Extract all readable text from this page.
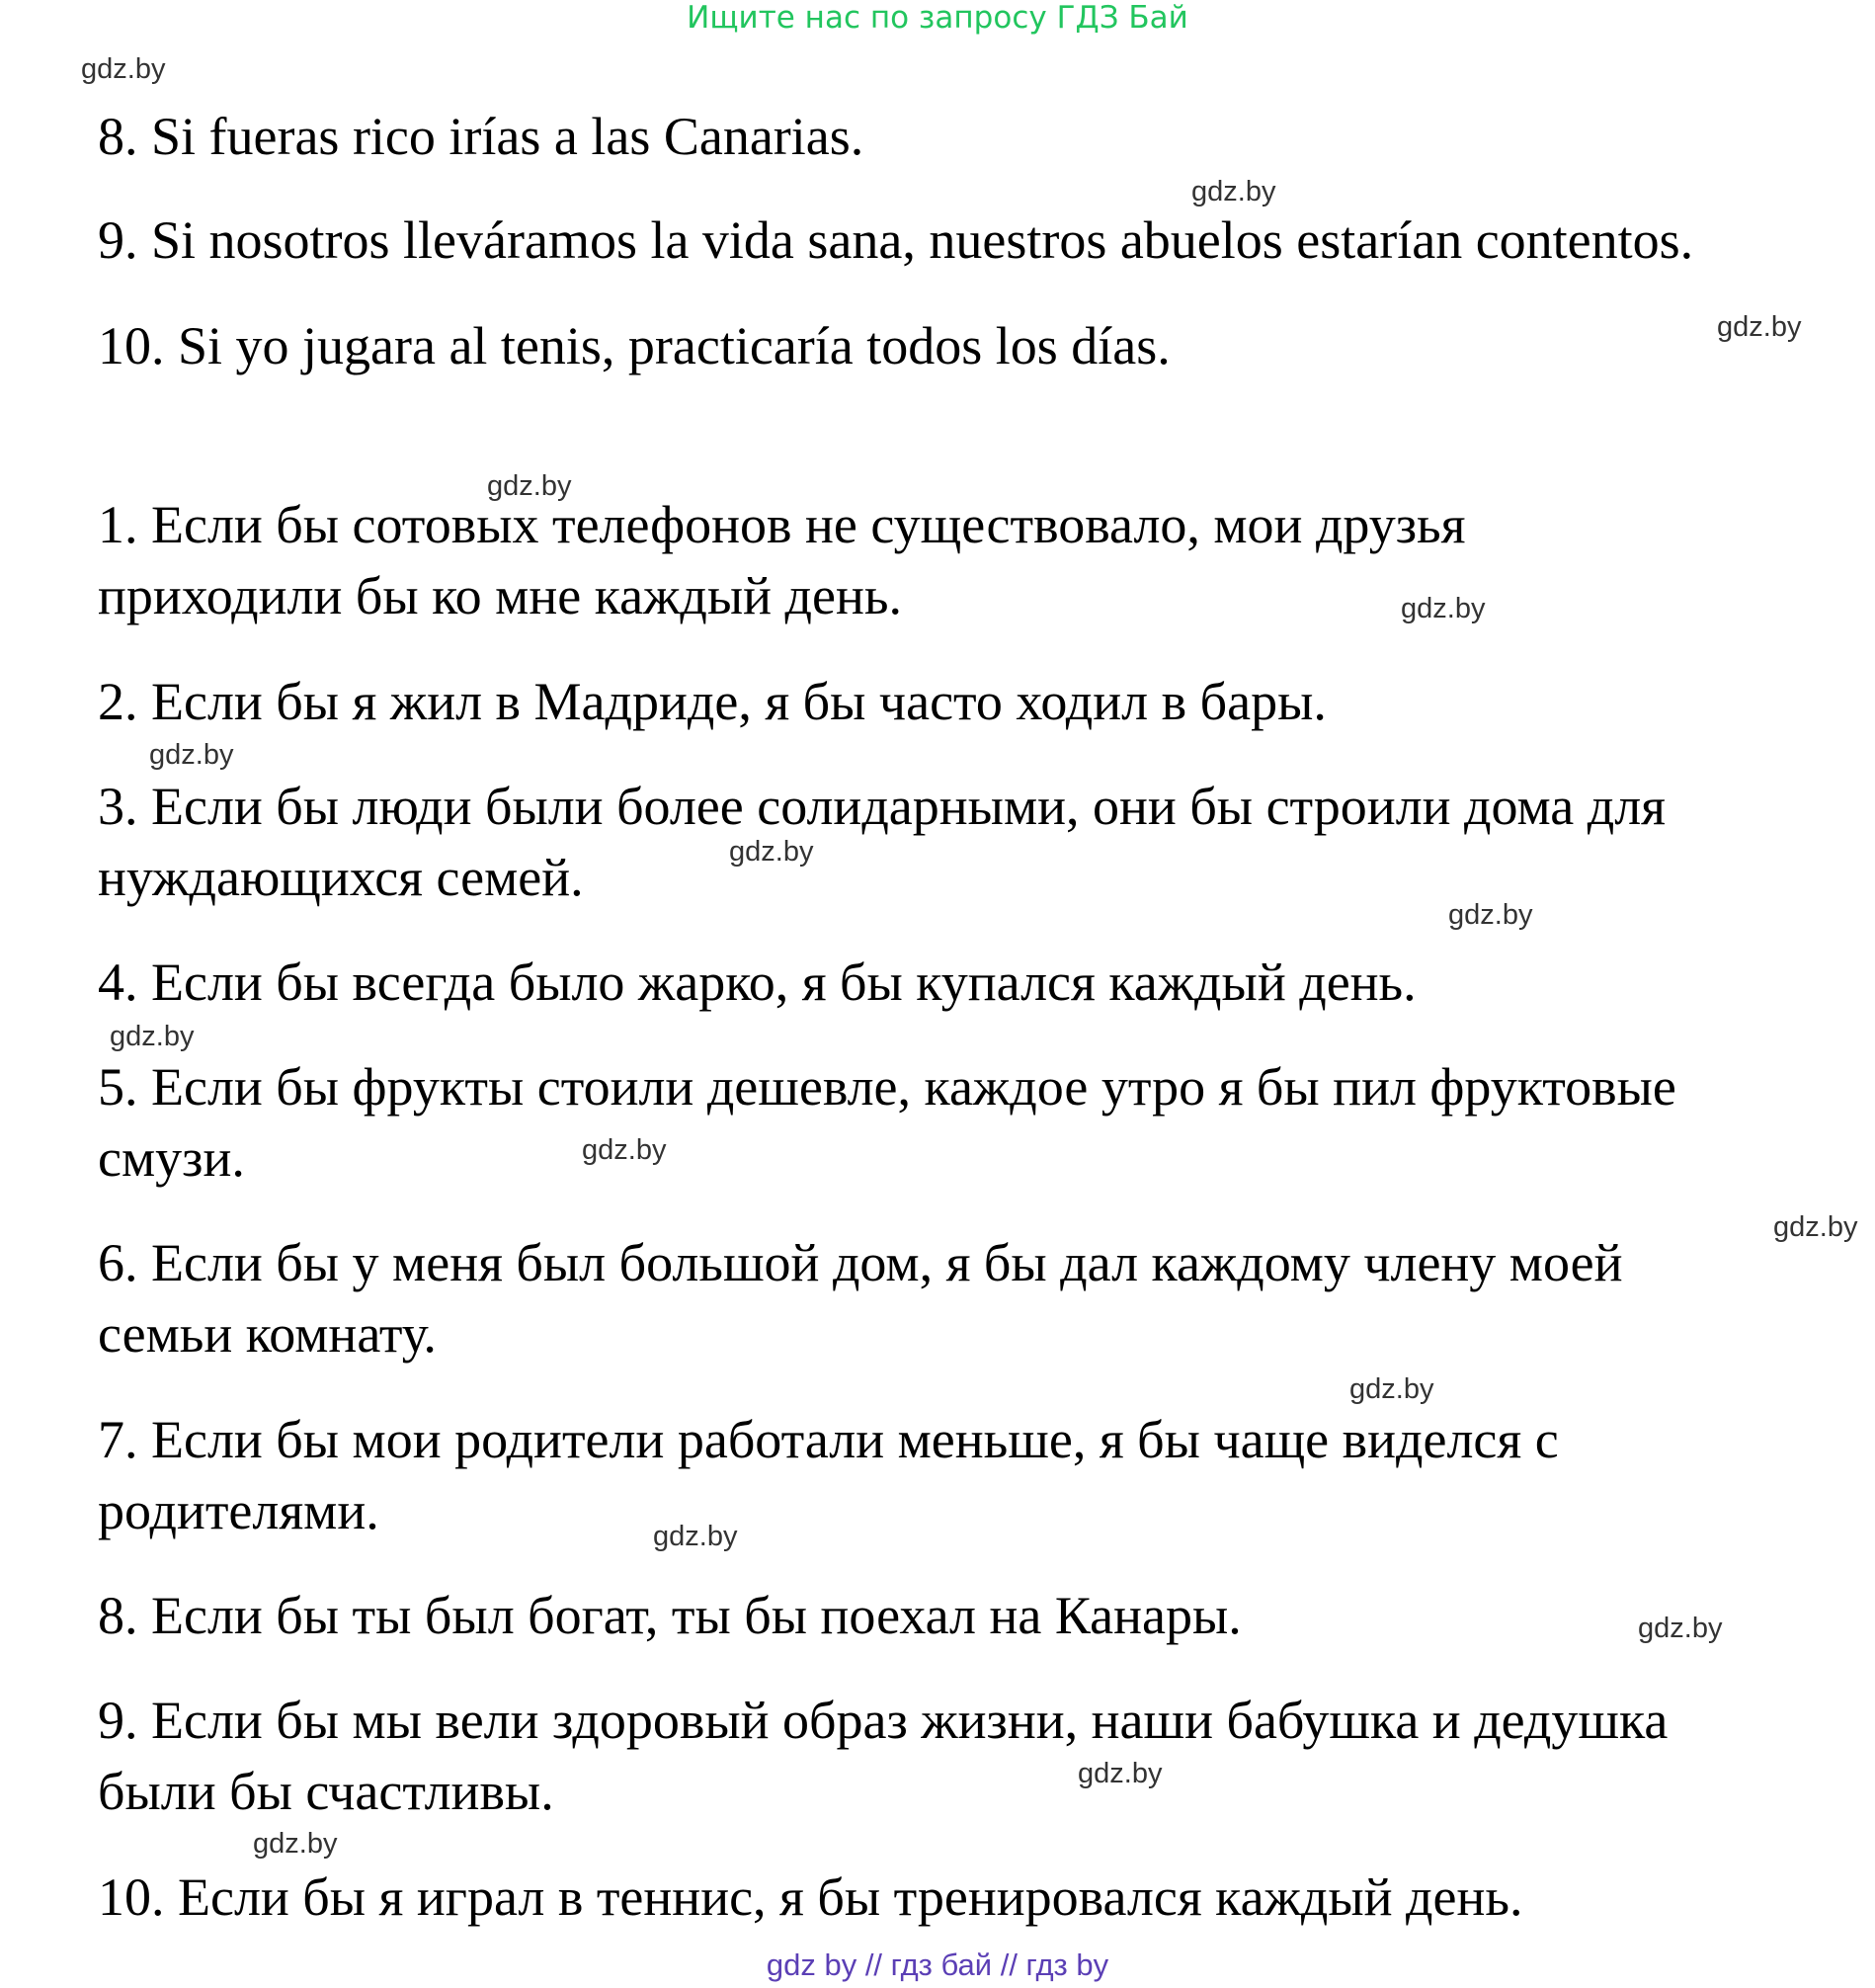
Ищите нас по запросу ГДЗ Бай
gdz.by
gdz.by
gdz.by
gdz.by
gdz.by
gdz.by
gdz.by
gdz.by
gdz.by
gdz.by
gdz.by
gdz.by
gdz.by
gdz.by
gdz.by
gdz.by
8. Si fueras rico irías a las Canarias.
9. Si nosotros lleváramos la vida sana, nuestros abuelos estarían contentos.
10. Si yo jugara al tenis, practicaría todos los días.
1. Если бы сотовых телефонов не существовало, мои друзья
приходили бы ко мне каждый день.
2. Если бы я жил в Мадриде, я бы часто ходил в бары.
3. Если бы люди были более солидарными, они бы строили дома для
нуждающихся семей.
4. Если бы всегда было жарко, я бы купался каждый день.
5. Если бы фрукты стоили дешевле, каждое утро я бы пил фруктовые
смузи.
6. Если бы у меня был большой дом, я бы дал каждому члену моей
семьи комнату.
7. Если бы мои родители работали меньше, я бы чаще виделся с
родителями.
8. Если бы ты был богат, ты бы поехал на Канары.
9. Если бы мы вели здоровый образ жизни, наши бабушка и дедушка
были бы счастливы.
10. Если бы я играл в теннис, я бы тренировался каждый день.
gdz by // гдз бай // гдз by
